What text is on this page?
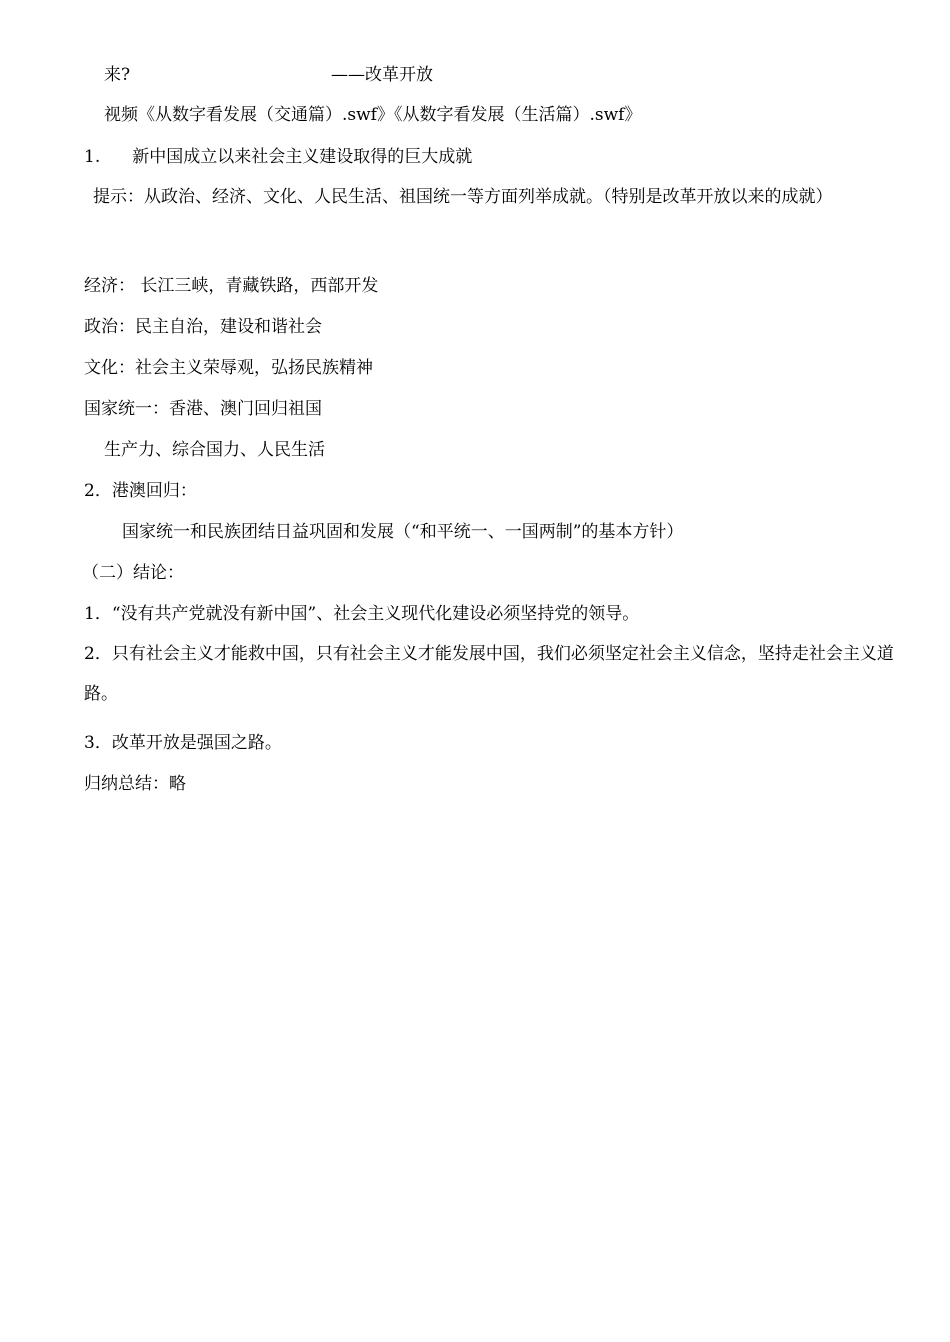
来?	——改革开放
视频《从数字看发展（交通篇）.swf》《从数字看发展（生活篇）.swf》
1. 新中国成立以来社会主义建设取得的巨大成就
提示：从政治、经济、文化、人民生活、祖国统一等方面列举成就。（特别是改革开放以来的成就）
经济： 长江三峡，青藏铁路，西部开发
政治：民主自治，建设和谐社会
文化：社会主义荣辱观，弘扬民族精神
国家统一：香港、澳门回归祖国
生产力、综合国力、人民生活
2．港澳回归：
国家统一和民族团结日益巩固和发展（“和平统一、一国两制”的基本方针）
（二）结论：
1．“没有共产党就没有新中国”、社会主义现代化建设必须坚持党的领导。
2．只有社会主义才能救中国，只有社会主义才能发展中国，我们必须坚定社会主义信念，坚持走社会主义道路。
3．改革开放是强国之路。
归纳总结：略
